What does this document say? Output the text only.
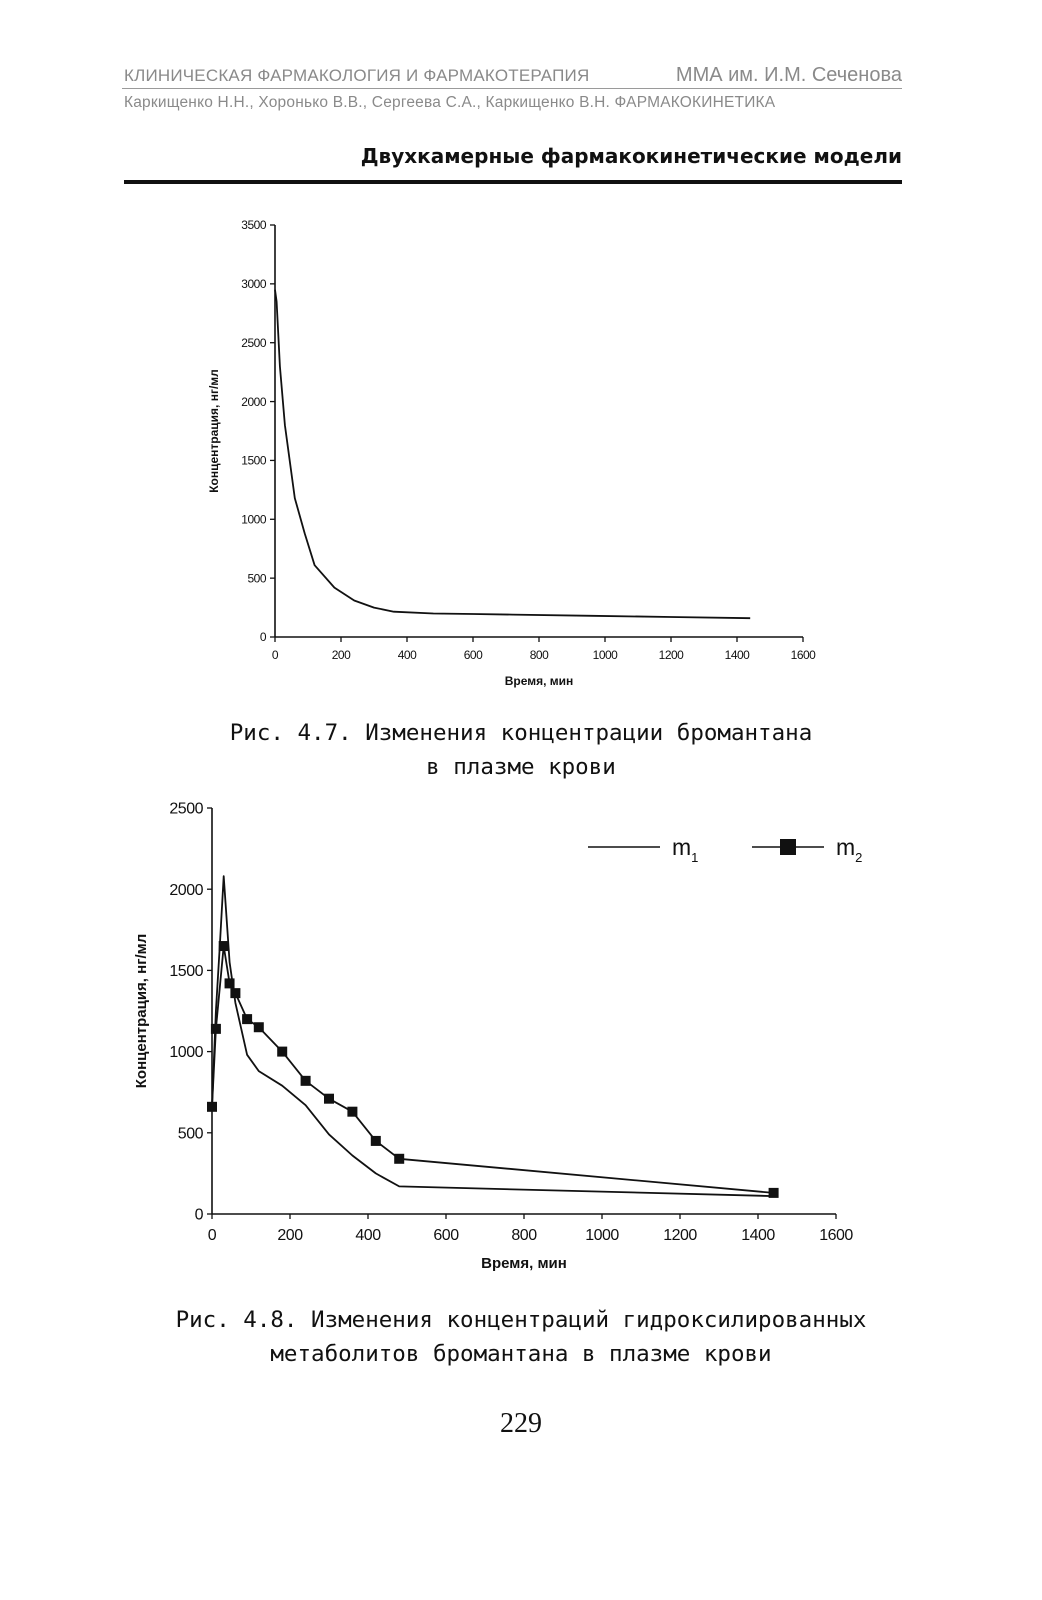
КЛИНИЧЕСКАЯ ФАРМАКОЛОГИЯ И ФАРМАКОТЕРАПИЯ	ММА им. И.М. Сеченова
Каркищенко Н.Н., Хоронько В.В., Сергеева С.А., Каркищенко В.Н. ФАРМАКОКИНЕТИКА
Двухкамерные фармакокинетические модели
0
500
1000
1500
2000
2500
3000
3500
0	200	400	600	800	1000	1200	1400	1600
Время, мин
Концентрация, нг/мл
Рис. 4.7. Изменения концентрации бромантана
в плазме крови
0
500
1000
1500
2000
2500
0	200	400	600	800	1000	1200	1400	1600
Время, мин
Концентрация, нг/мл
$m_1$	$m_2$
Рис. 4.8. Изменения концентраций гидроксилированных
метаболитов бромантана в плазме крови
229
